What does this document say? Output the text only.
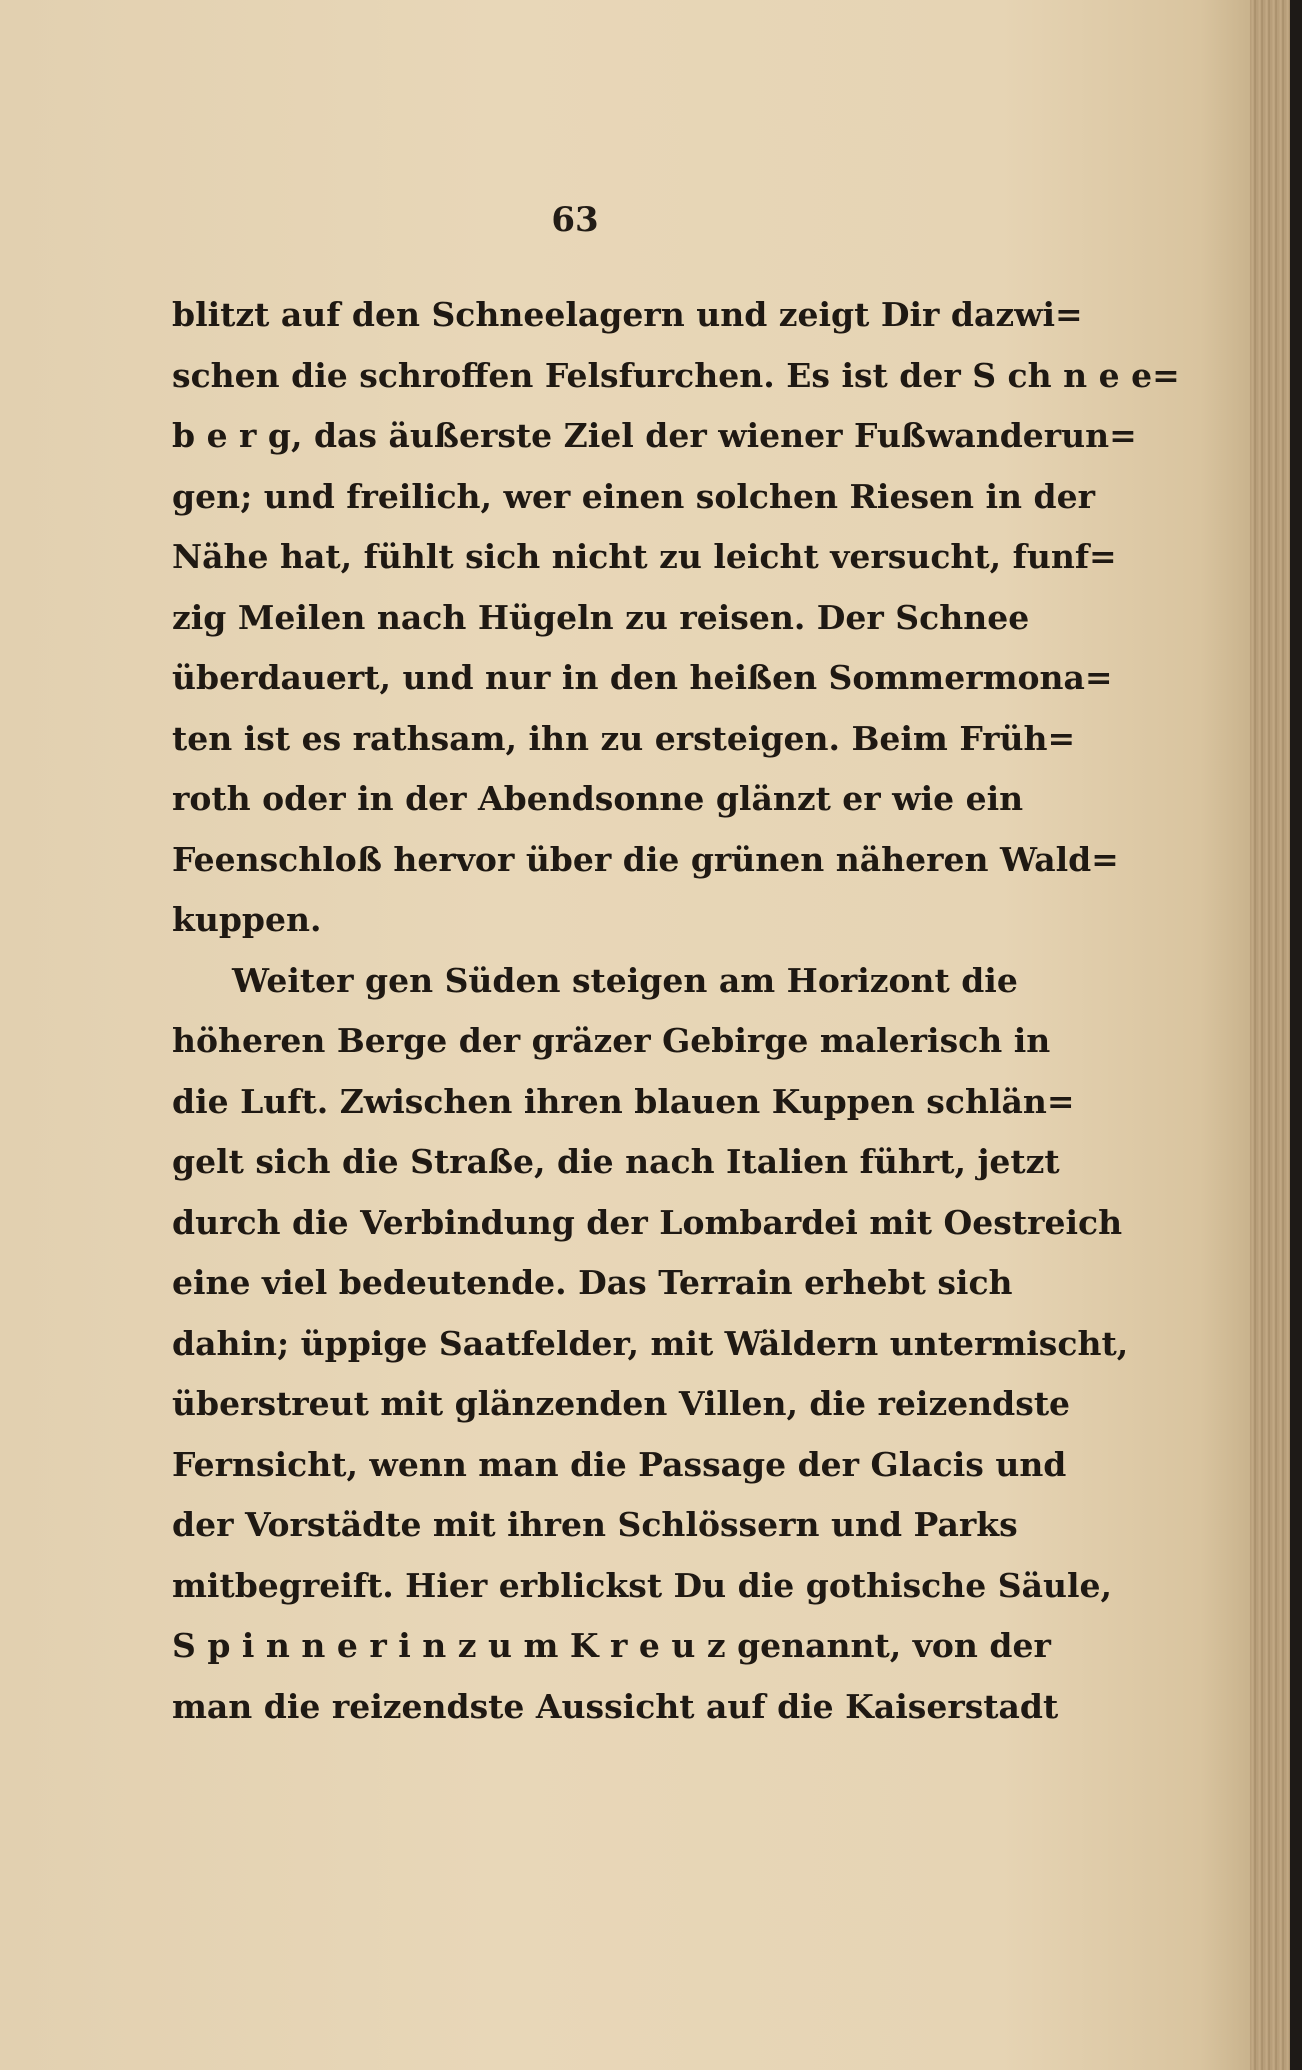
63
blitzt auf den Schneelagern und zeigt Dir dazwi=
schen die schroffen Felsfurchen. Es ist der S ch n e e=
b e r g, das äußerste Ziel der wiener Fußwanderun=
gen; und freilich, wer einen solchen Riesen in der
Nähe hat, fühlt sich nicht zu leicht versucht, funf=
zig Meilen nach Hügeln zu reisen. Der Schnee
überdauert, und nur in den heißen Sommermona=
ten ist es rathsam, ihn zu ersteigen. Beim Früh=
roth oder in der Abendsonne glänzt er wie ein
Feenschloß hervor über die grünen näheren Wald=
kuppen.
Weiter gen Süden steigen am Horizont die
höheren Berge der gräzer Gebirge malerisch in
die Luft. Zwischen ihren blauen Kuppen schlän=
gelt sich die Straße, die nach Italien führt, jetzt
durch die Verbindung der Lombardei mit Oestreich
eine viel bedeutende. Das Terrain erhebt sich
dahin; üppige Saatfelder, mit Wäldern untermischt,
überstreut mit glänzenden Villen, die reizendste
Fernsicht, wenn man die Passage der Glacis und
der Vorstädte mit ihren Schlössern und Parks
mitbegreift. Hier erblickst Du die gothische Säule,
S p i n n e r i n z u m K r e u z genannt, von der
man die reizendste Aussicht auf die Kaiserstadt
